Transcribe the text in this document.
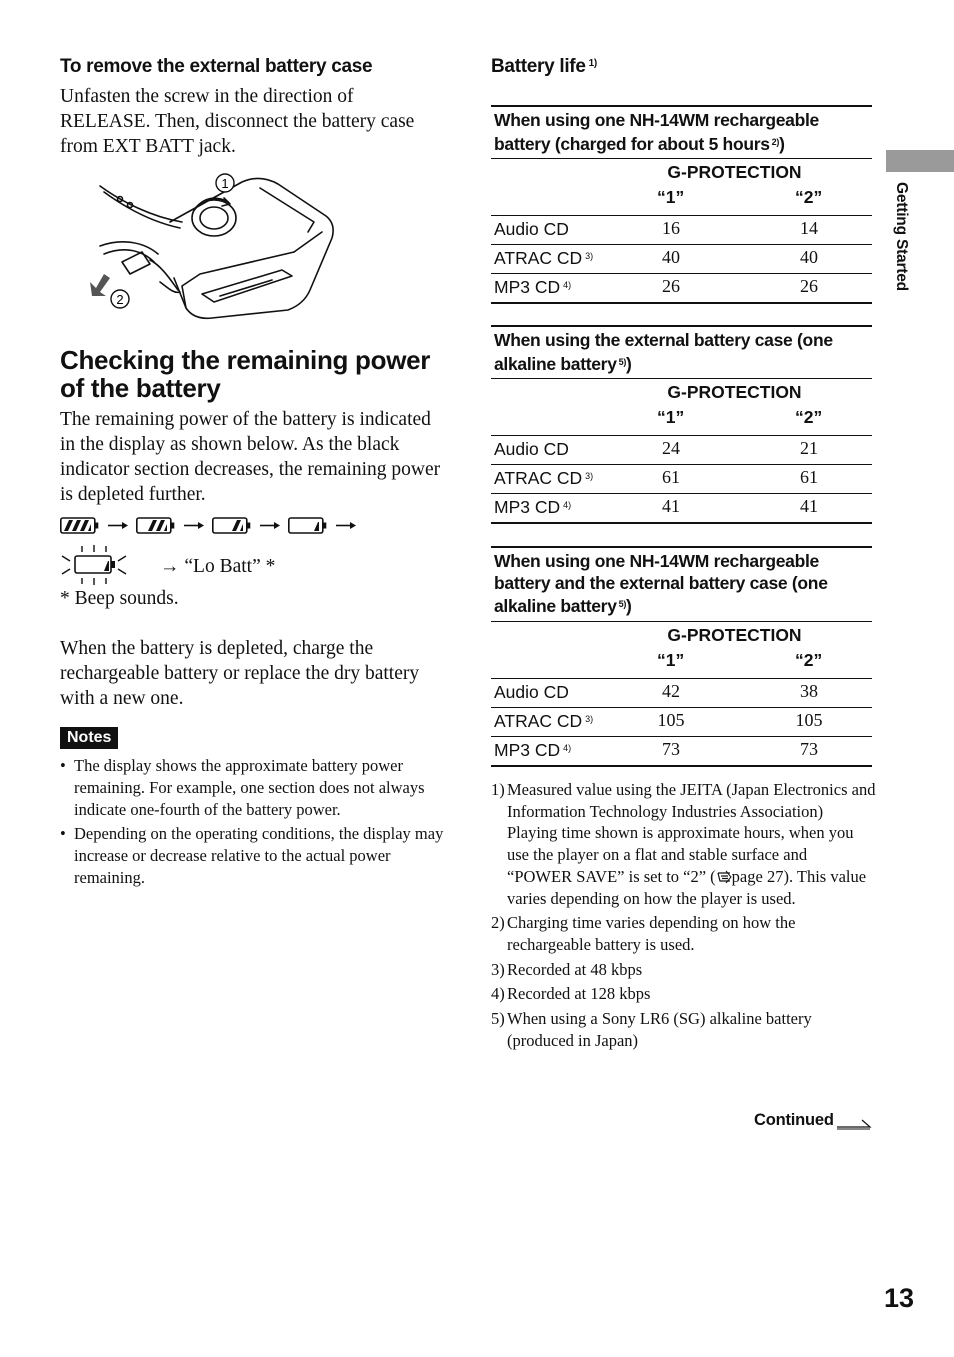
To remove the external battery case
Unfasten the screw in the direction of RELEASE. Then, disconnect the battery case from EXT BATT jack.
1
2
Checking the remaining power of the battery
The remaining power of the battery is indicated in the display as shown below. As the black indicator section decreases, the remaining power is depleted further.
→ “Lo Batt” *
* Beep sounds.
When the battery is depleted, charge the rechargeable battery or replace the dry battery with a new one.
Notes
• The display shows the approximate battery power remaining. For example, one section does not always indicate one-fourth of the battery power.
• Depending on the operating conditions, the display may increase or decrease relative to the actual power remaining.
Battery life $^{1)}$
When using one NH-14WM rechargeable battery (charged for about 5 hours $^{2)}$)
G-PROTECTION
“1”	“2”
Audio CD	16	14
ATRAC CD $^{3)}$	40	40
MP3 CD $^{4)}$	26	26
When using the external battery case (one alkaline battery $^{5)}$)
G-PROTECTION
“1”	“2”
Audio CD	24	21
ATRAC CD $^{3)}$	61	61
MP3 CD $^{4)}$	41	41
When using one NH-14WM rechargeable battery and the external battery case (one alkaline battery $^{5)}$)
G-PROTECTION
“1”	“2”
Audio CD	42	38
ATRAC CD $^{3)}$	105	105
MP3 CD $^{4)}$	73	73
1) Measured value using the JEITA (Japan Electronics and Information Technology Industries Association)
Playing time shown is approximate hours, when you use the player on a flat and stable surface and “POWER SAVE” is set to “2” ( page 27). This value varies depending on how the player is used.
2) Charging time varies depending on how the rechargeable battery is used.
3) Recorded at 48 kbps
4) Recorded at 128 kbps
5) When using a Sony LR6 (SG) alkaline battery (produced in Japan)
Continued
Getting Started
13
